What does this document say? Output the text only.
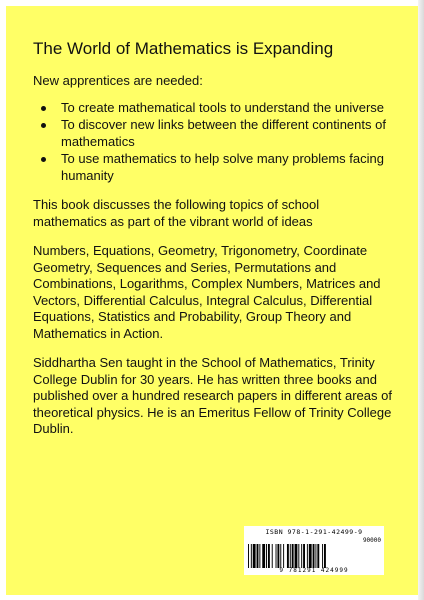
The World of Mathematics is Expanding
New apprentices are needed:
To create mathematical tools to understand the universe
To discover new links between the different continents of mathematics
To use mathematics to help solve many problems facing humanity
This book discusses the following topics of school mathematics as part of the vibrant world of ideas
Numbers, Equations, Geometry, Trigonometry, Coordinate Geometry, Sequences and Series, Permutations and Combinations, Logarithms, Complex Numbers, Matrices and Vectors, Differential Calculus, Integral Calculus, Differential Equations, Statistics and Probability, Group Theory and Mathematics in Action.
Siddhartha Sen taught in the School of Mathematics, Trinity College Dublin for 30 years. He has written three books and published over a hundred research papers in different areas of theoretical physics. He is an Emeritus Fellow of Trinity College Dublin.
ISBN 978-1-291-42499-9
90000
9 781291 424999
